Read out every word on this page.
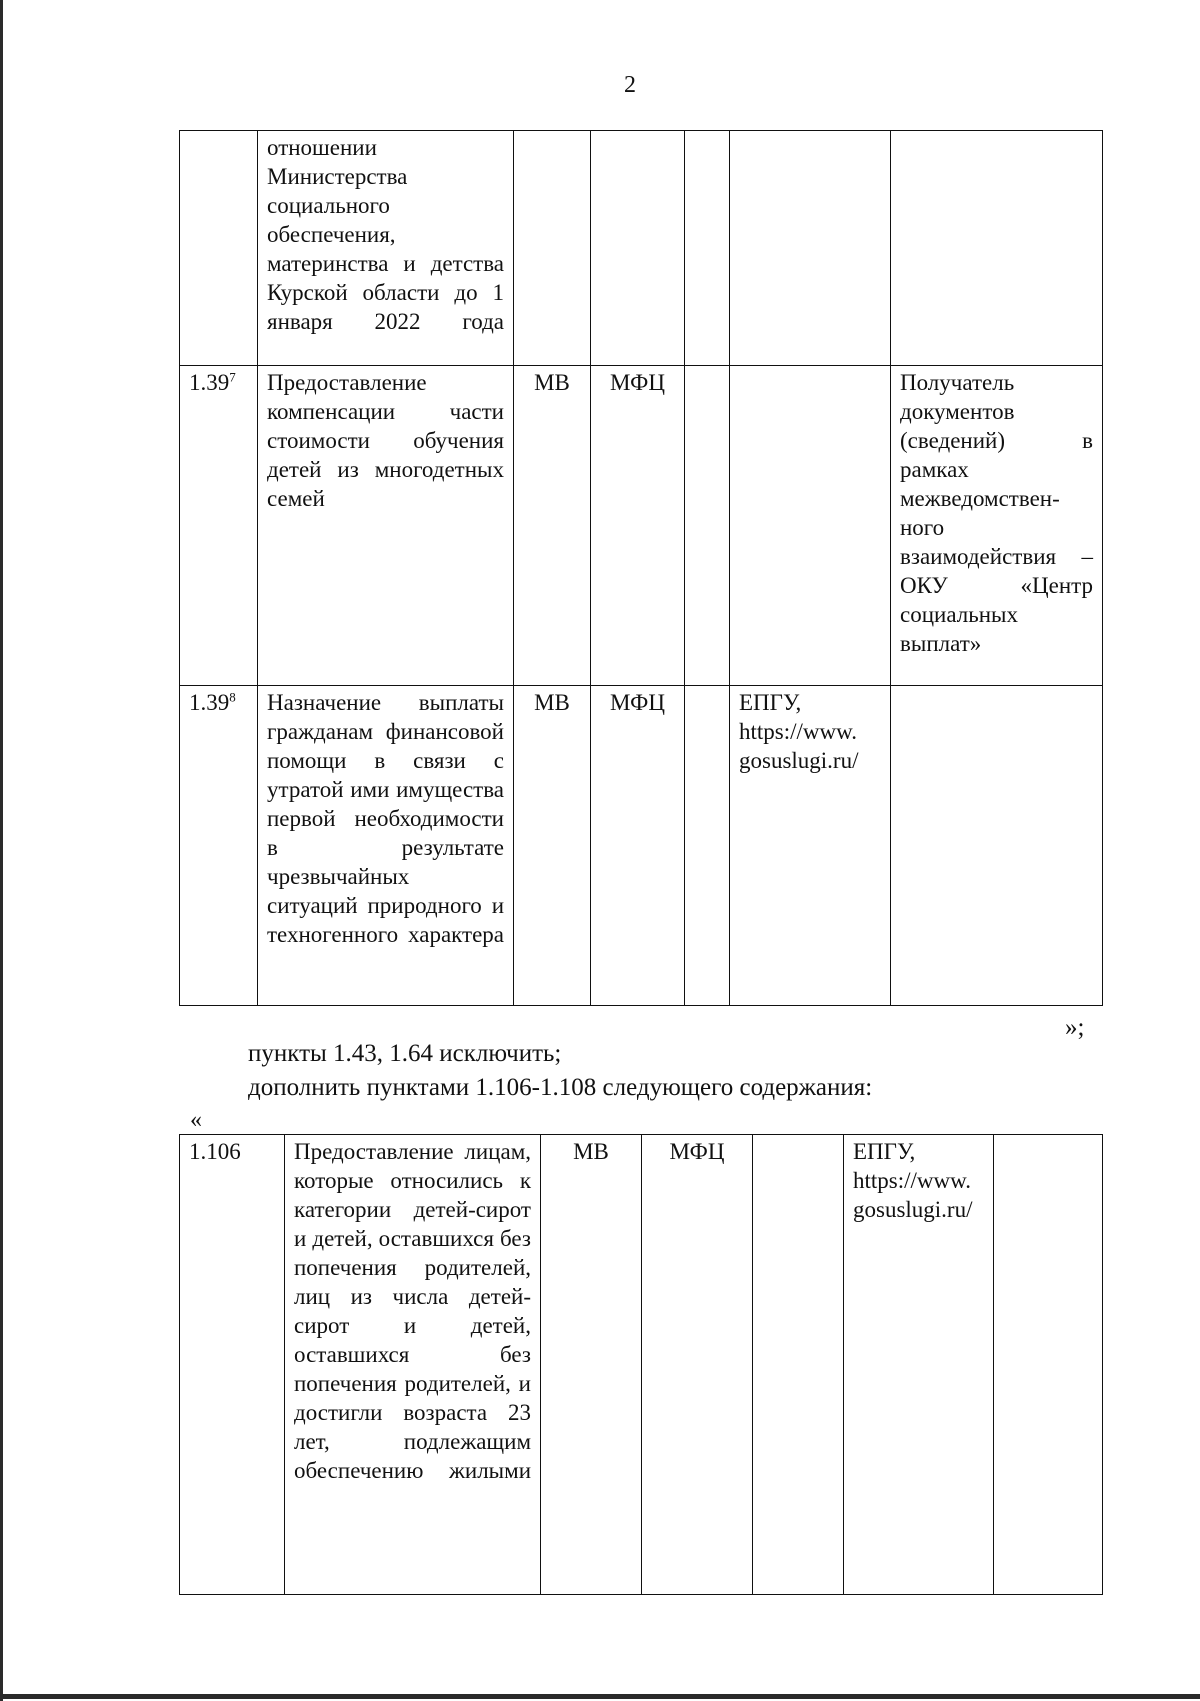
2
	отношении Министерства социального обеспечения, материнства и детства Курской области до 1 января 2022 года					
1.39$^7$	Предоставление компенсации части стоимости обучения детей из многодетных семей	МВ	МФЦ			Получатель документов (сведений) в рамках межведомствен-ного взаимодействия – ОКУ «Центр социальных выплат»
1.39$^8$	Назначение выплаты гражданам финансовой помощи в связи с утратой ими имущества первой необходимости в результате чрезвычайных ситуаций природного и техногенного характера	МВ	МФЦ		ЕПГУ,
https://www.
gosuslugi.ru/	

»;
пункты 1.43, 1.64 исключить;
дополнить пунктами 1.106-1.108 следующего содержания:
«
1.106	Предоставление лицам, которые относились к категории детей-сирот и детей, оставшихся без попечения родителей, лиц из числа детей-сирот и детей, оставшихся без попечения родителей, и достигли возраста 23 лет, подлежащим обеспечению жилыми	МВ	МФЦ		ЕПГУ,
https://www.
gosuslugi.ru/
